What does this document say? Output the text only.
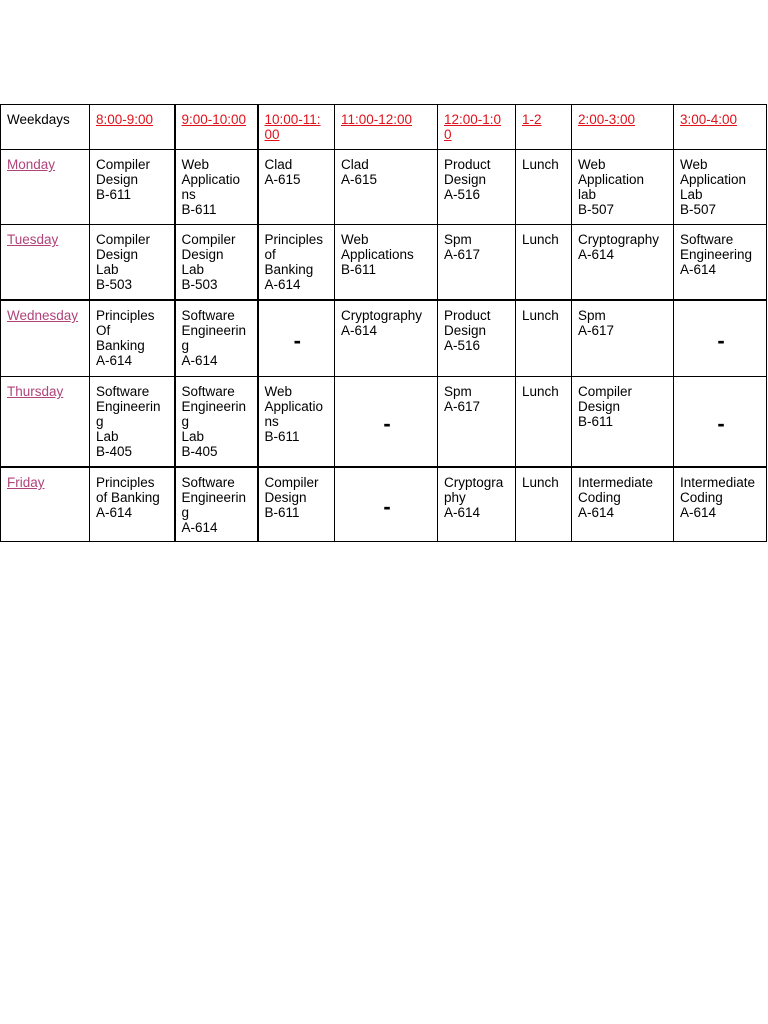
Weekdays	8:00-9:00	9:00-10:00	10:00-11:
00	11:00-12:00	12:00-1:0
0	1-2	2:00-3:00	3:00-4:00
Monday	Compiler
Design
B-611	Web
Applicatio
ns
B-611	Clad
A-615	Clad
A-615	Product
Design
A-516	Lunch	Web
Application
lab
B-507	Web
Application
Lab
B-507

Tuesday	Compiler
Design
Lab
B-503	Compiler
Design
Lab
B-503	Principles
of
Banking
A-614	Web
Applications
B-611	Spm
A-617	Lunch	Cryptography
A-614	Software
Engineering
A-614

Wednesday	Principles
Of
Banking
A-614	Software
Engineerin
g
A-614	-	Cryptography
A-614	Product
Design
A-516	Lunch	Spm
A-617	-
Thursday	Software
Engineerin
g
Lab
B-405	Software
Engineerin
g
Lab
B-405	Web
Applicatio
ns
B-611	-	Spm
A-617	Lunch	Compiler
Design
B-611	-
Friday	Principles
of Banking
A-614	Software
Engineerin
g
A-614	Compiler
Design
B-611	-	Cryptogra
phy
A-614	Lunch	Intermediate
Coding
A-614	Intermediate
Coding
A-614
